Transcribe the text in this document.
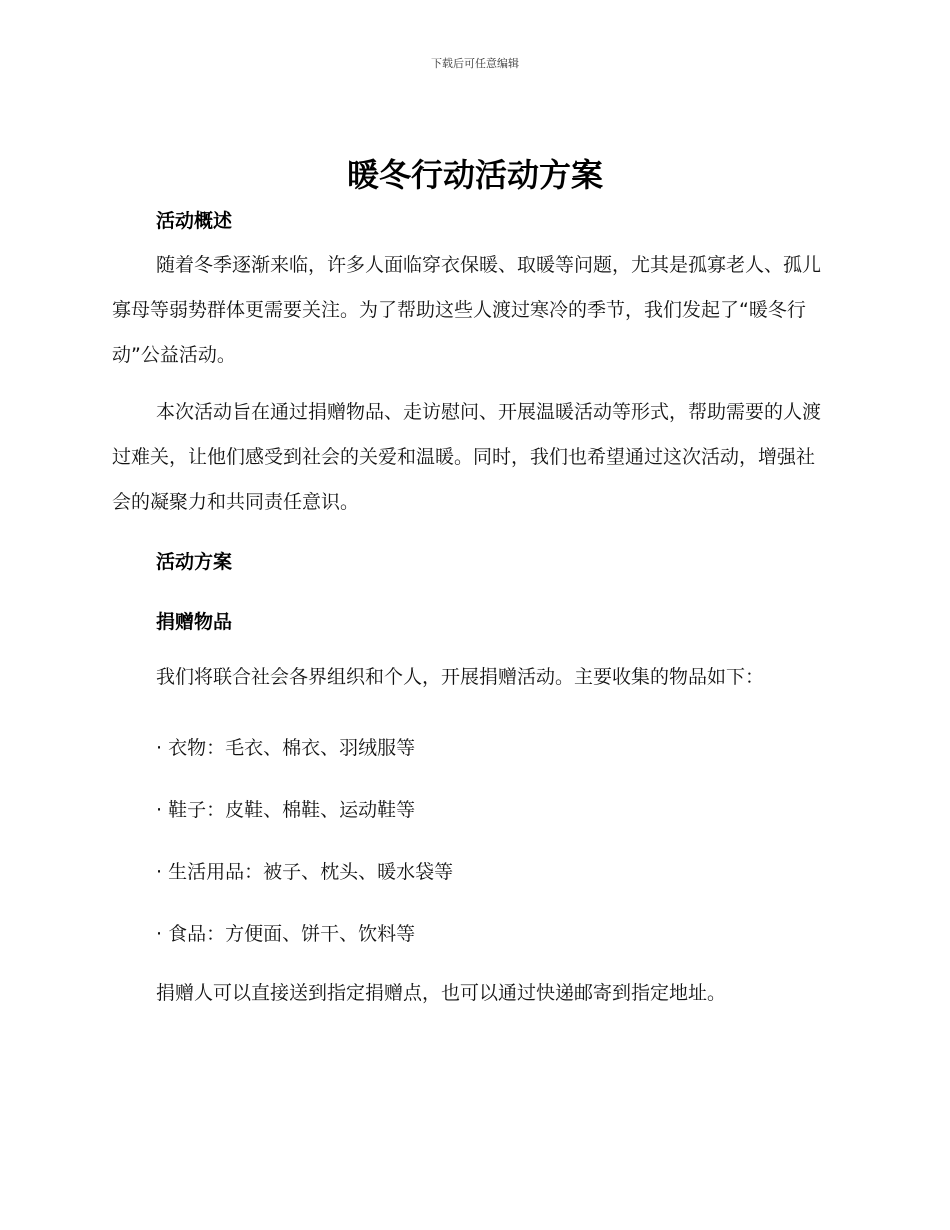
下载后可任意编辑
暖冬行动活动方案
活动概述
随着冬季逐渐来临，许多人面临穿衣保暖、取暖等问题，尤其是孤寡老人、孤儿寡母等弱势群体更需要关注。为了帮助这些人渡过寒冷的季节，我们发起了“暖冬行动”公益活动。
本次活动旨在通过捐赠物品、走访慰问、开展温暖活动等形式，帮助需要的人渡过难关，让他们感受到社会的关爱和温暖。同时，我们也希望通过这次活动，增强社会的凝聚力和共同责任意识。
活动方案
捐赠物品
我们将联合社会各界组织和个人，开展捐赠活动。主要收集的物品如下：
· 衣物：毛衣、棉衣、羽绒服等
· 鞋子：皮鞋、棉鞋、运动鞋等
· 生活用品：被子、枕头、暖水袋等
· 食品：方便面、饼干、饮料等
捐赠人可以直接送到指定捐赠点，也可以通过快递邮寄到指定地址。
